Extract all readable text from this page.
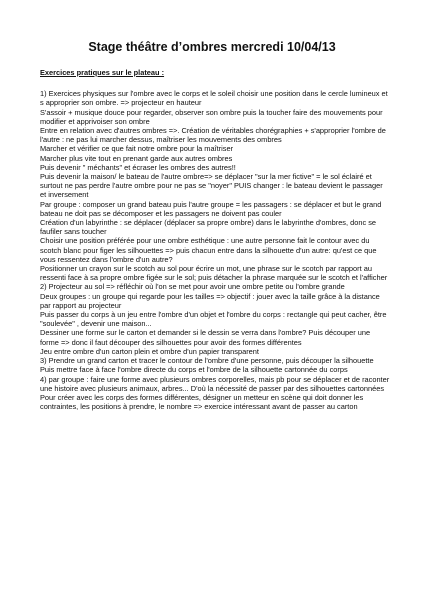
Stage théâtre d’ombres mercredi 10/04/13

Exercices pratiques sur le plateau :

1) Exercices physiques sur l'ombre avec le corps et le soleil choisir une position dans le cercle lumineux et s approprier son ombre. => projecteur en hauteur

S'assoir + musique douce pour regarder, observer son ombre puis la toucher faire des mouvements pour modifier et apprivoiser son ombre

Entre en relation avec d'autres ombres =>. Création de véritables chorégraphies + s'approprier l'ombre de l'autre : ne pas lui marcher dessus, maîtriser les mouvements des ombres

Marcher et vérifier ce que fait notre ombre pour la maîtriser

Marcher plus vite tout en prenant garde aux autres ombres

Puis devenir " méchants" et écraser les ombres des autres!!

Puis devenir la maison/ le bateau de l'autre ombre=> se déplacer "sur la mer fictive" = le sol éclairé et surtout ne pas perdre l'autre ombre pour ne pas se "noyer" PUIS changer : le bateau devient le passager et inversement

Par groupe : composer un grand bateau puis l'autre groupe = les passagers : se déplacer et but le grand bateau ne doit pas se décomposer et les passagers ne doivent pas couler

Création d'un labyrinthe : se déplacer (déplacer sa propre ombre) dans le labyrinthe d'ombres, donc se faufiler sans toucher

Choisir une position préférée pour une ombre esthétique : une autre personne fait le contour avec du scotch blanc pour figer les silhouettes => puis chacun entre dans la silhouette d'un autre: qu'est ce que vous ressentez dans l'ombre d'un autre?

Positionner un crayon sur le scotch au sol pour écrire un mot, une phrase sur le scotch par rapport au ressenti face à sa propre ombre figée sur le sol; puis détacher la phrase marquée sur le scotch et l'afficher

2) Projecteur au sol => réfléchir où l'on se met pour avoir une ombre petite ou l'ombre grande

Deux groupes : un groupe qui regarde pour les tailles => objectif : jouer avec la taille grâce à la distance par rapport au projecteur

Puis passer du corps à un jeu entre l'ombre d'un objet et l'ombre du corps : rectangle qui peut cacher, être "soulevée" , devenir une maison...

Dessiner une forme sur le carton et demander si le dessin se verra dans l'ombre? Puis découper une forme => donc il faut découper des silhouettes pour avoir des formes différentes

Jeu entre ombre d'un carton plein et ombre d'un papier transparent

3) Prendre un grand carton et tracer le contour de l'ombre d'une personne, puis découper la silhouette

Puis mettre face à face l'ombre directe du corps et l'ombre de la silhouette cartonnée du corps

4) par groupe : faire une forme avec plusieurs ombres corporelles, mais pb pour se déplacer et de raconter une histoire avec plusieurs animaux, arbres... D'où la nécessité de passer par des silhouettes cartonnées

Pour créer avec les corps des formes différentes, désigner un metteur en scène qui doit donner les contraintes, les positions à prendre, le nombre => exercice intéressant avant de passer au carton
